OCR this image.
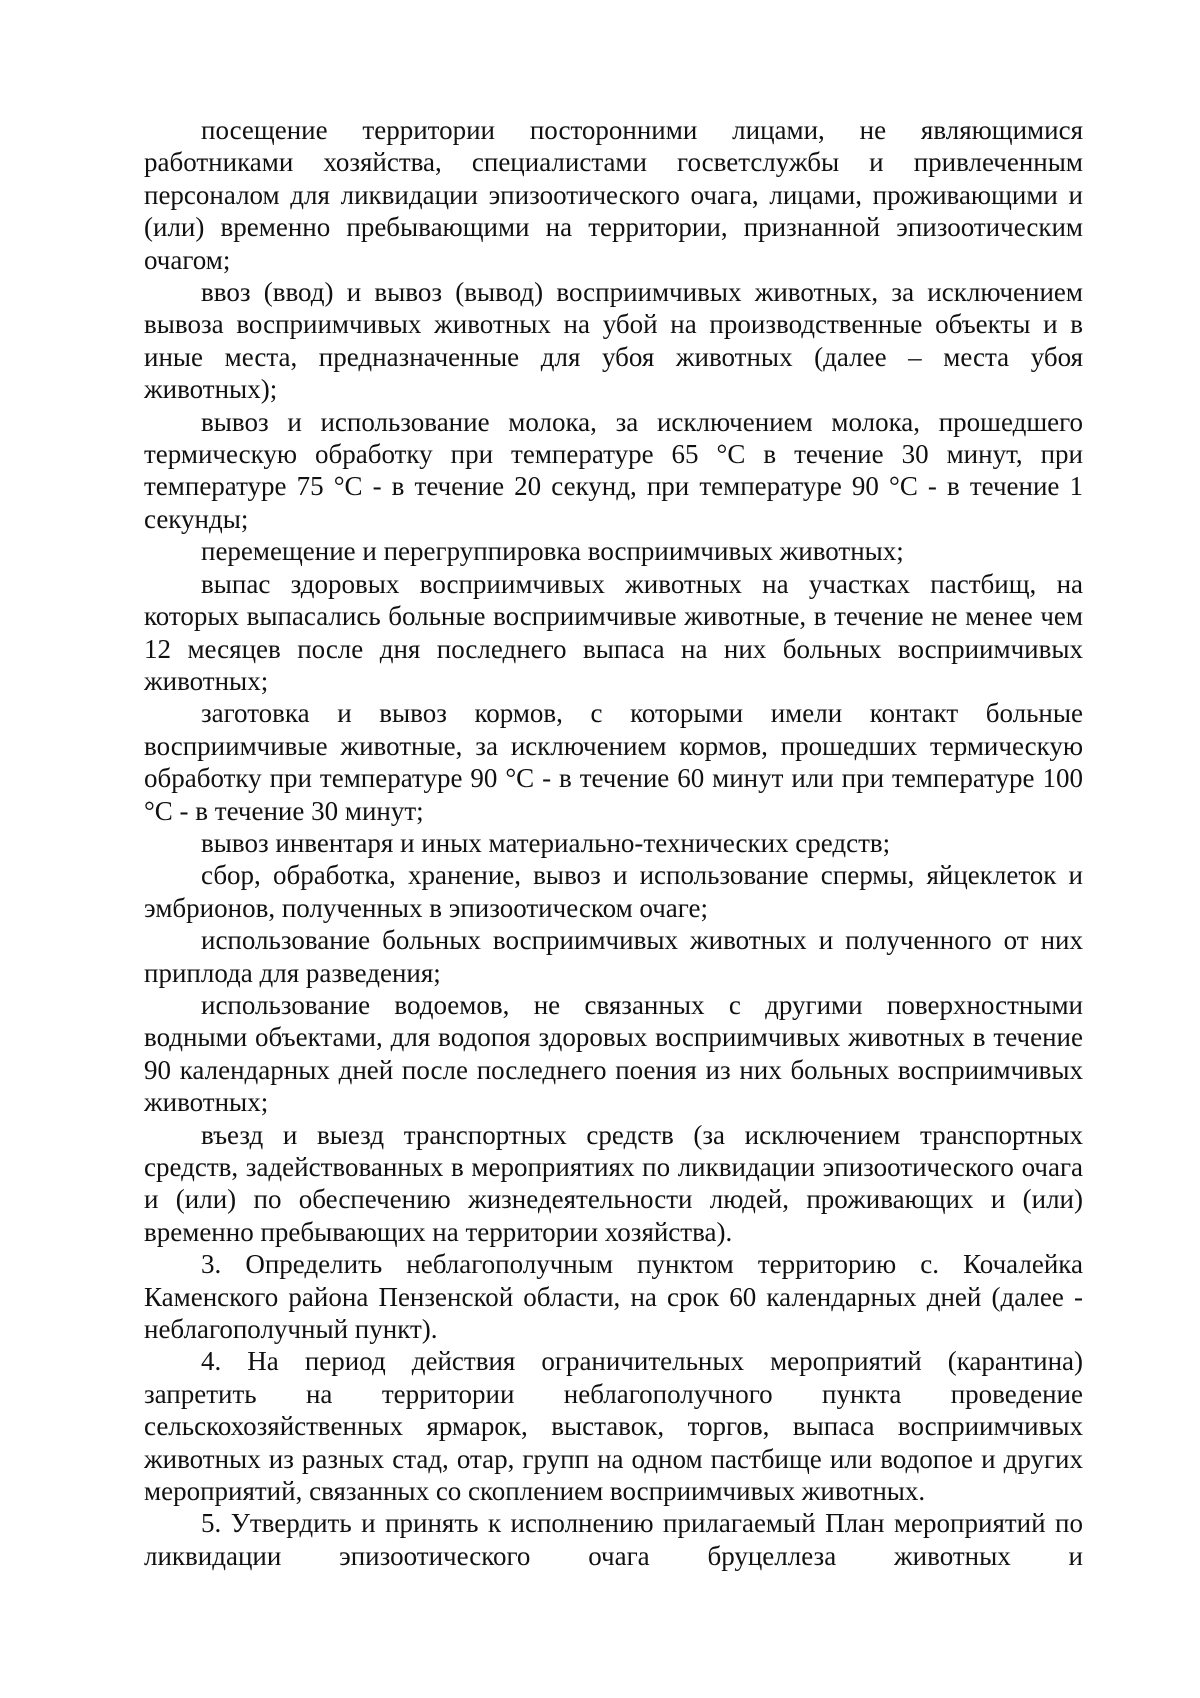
посещение территории посторонними лицами, не являющимися работниками хозяйства, специалистами госветслужбы и привлеченным персоналом для ликвидации эпизоотического очага, лицами, проживающими и (или) временно пребывающими на территории, признанной эпизоотическим очагом;

ввоз (ввод) и вывоз (вывод) восприимчивых животных, за исключением вывоза восприимчивых животных на убой на производственные объекты и в иные места, предназначенные для убоя животных (далее – места убоя животных);

вывоз и использование молока, за исключением молока, прошедшего термическую обработку при температуре 65 °С в течение 30 минут, при температуре 75 °С - в течение 20 секунд, при температуре 90 °С - в течение 1 секунды;

перемещение и перегруппировка восприимчивых животных;

выпас здоровых восприимчивых животных на участках пастбищ, на которых выпасались больные восприимчивые животные, в течение не менее чем 12 месяцев после дня последнего выпаса на них больных восприимчивых животных;

заготовка и вывоз кормов, с которыми имели контакт больные восприимчивые животные, за исключением кормов, прошедших термическую обработку при температуре 90 °С - в течение 60 минут или при температуре 100 °С - в течение 30 минут;

вывоз инвентаря и иных материально-технических средств;

сбор, обработка, хранение, вывоз и использование спермы, яйцеклеток и эмбрионов, полученных в эпизоотическом очаге;

использование больных восприимчивых животных и полученного от них приплода для разведения;

использование водоемов, не связанных с другими поверхностными водными объектами, для водопоя здоровых восприимчивых животных в течение 90 календарных дней после последнего поения из них больных восприимчивых животных;

въезд и выезд транспортных средств (за исключением транспортных средств, задействованных в мероприятиях по ликвидации эпизоотического очага и (или) по обеспечению жизнедеятельности людей, проживающих и (или) временно пребывающих на территории хозяйства).

3. Определить неблагополучным пунктом территорию с. Кочалейка Каменского района Пензенской области, на срок 60 календарных дней (далее - неблагополучный пункт).

4. На период действия ограничительных мероприятий (карантина) запретить на территории неблагополучного пункта проведение сельскохозяйственных ярмарок, выставок, торгов, выпаса восприимчивых животных из разных стад, отар, групп на одном пастбище или водопое и других мероприятий, связанных со скоплением восприимчивых животных.

5. Утвердить и принять к исполнению прилагаемый План мероприятий по ликвидации эпизоотического очага бруцеллеза животных и
